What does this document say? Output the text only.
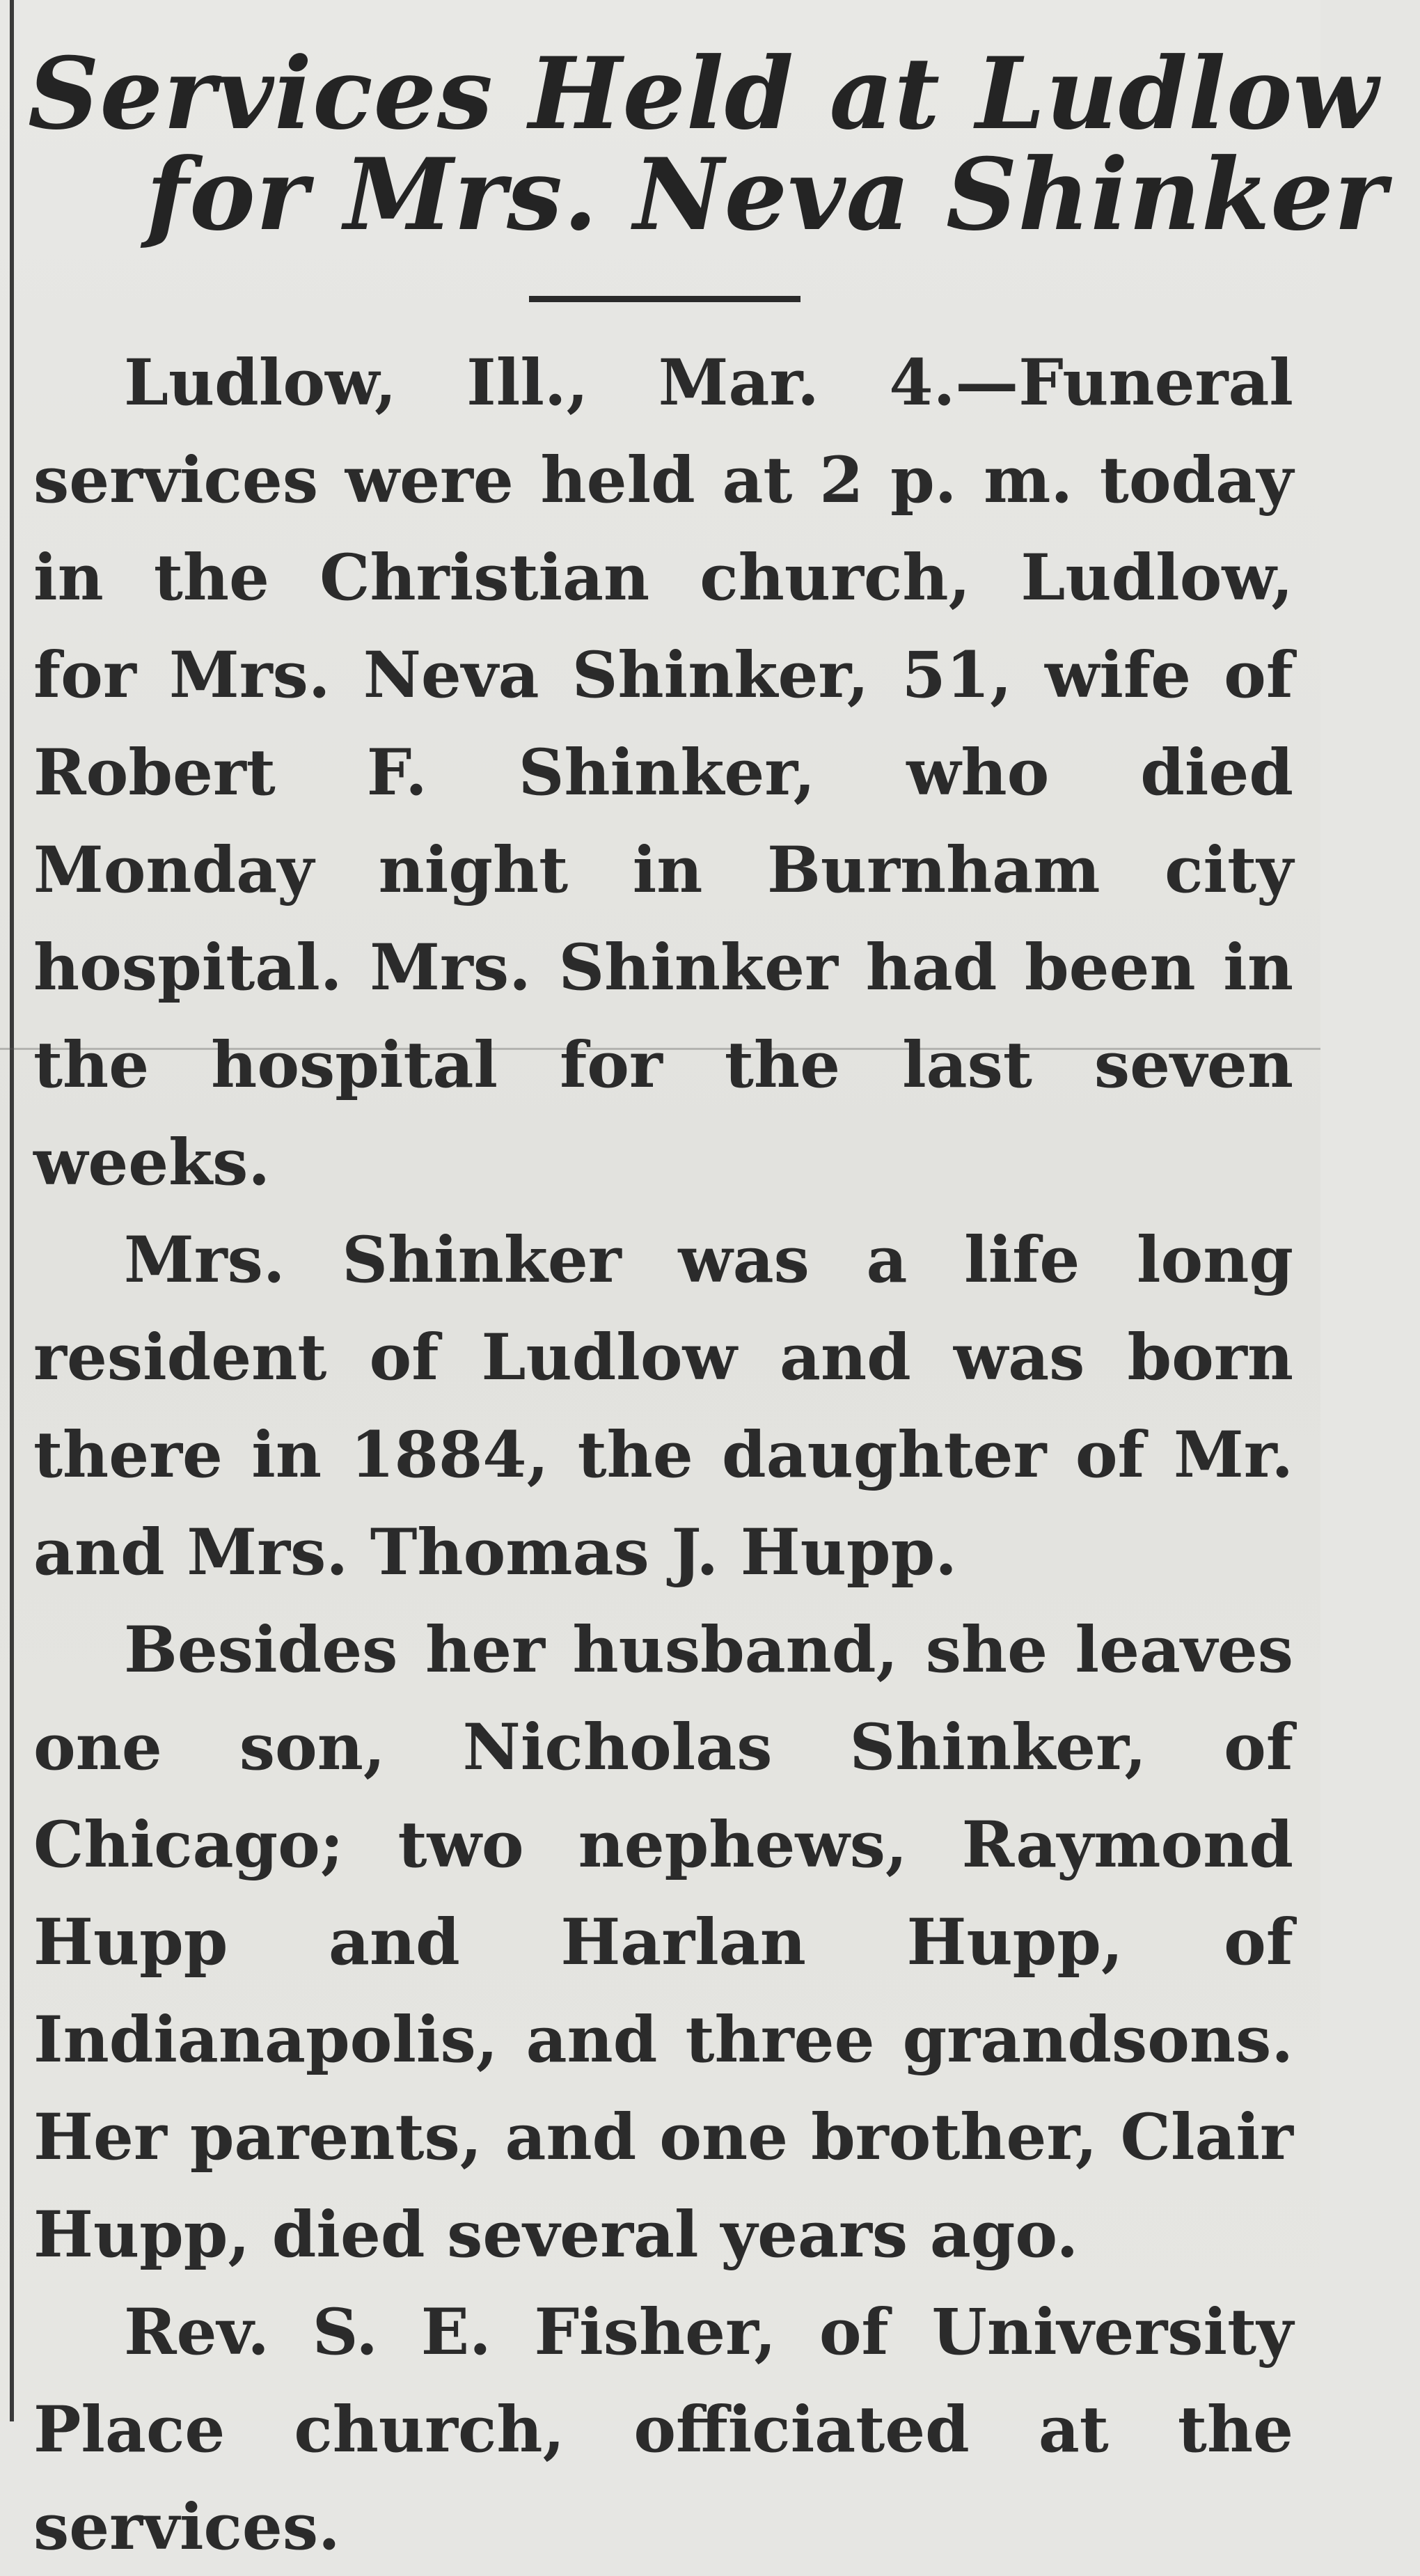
Services Held at Ludlow
for Mrs. Neva Shinker

Ludlow, Ill., Mar. 4.—Funeral services were held at 2 p. m. today in the Christian church, Ludlow, for Mrs. Neva Shinker, 51, wife of Robert F. Shinker, who died Monday night in Burnham city hospital. Mrs. Shinker had been in the hospital for the last seven weeks.

Mrs. Shinker was a life long resident of Ludlow and was born there in 1884, the daughter of Mr. and Mrs. Thomas J. Hupp.

Besides her husband, she leaves one son, Nicholas Shinker, of Chicago; two nephews, Raymond Hupp and Harlan Hupp, of Indianapolis, and three grandsons. Her parents, and one brother, Clair Hupp, died several years ago.

Rev. S. E. Fisher, of University Place church, officiated at the services.
